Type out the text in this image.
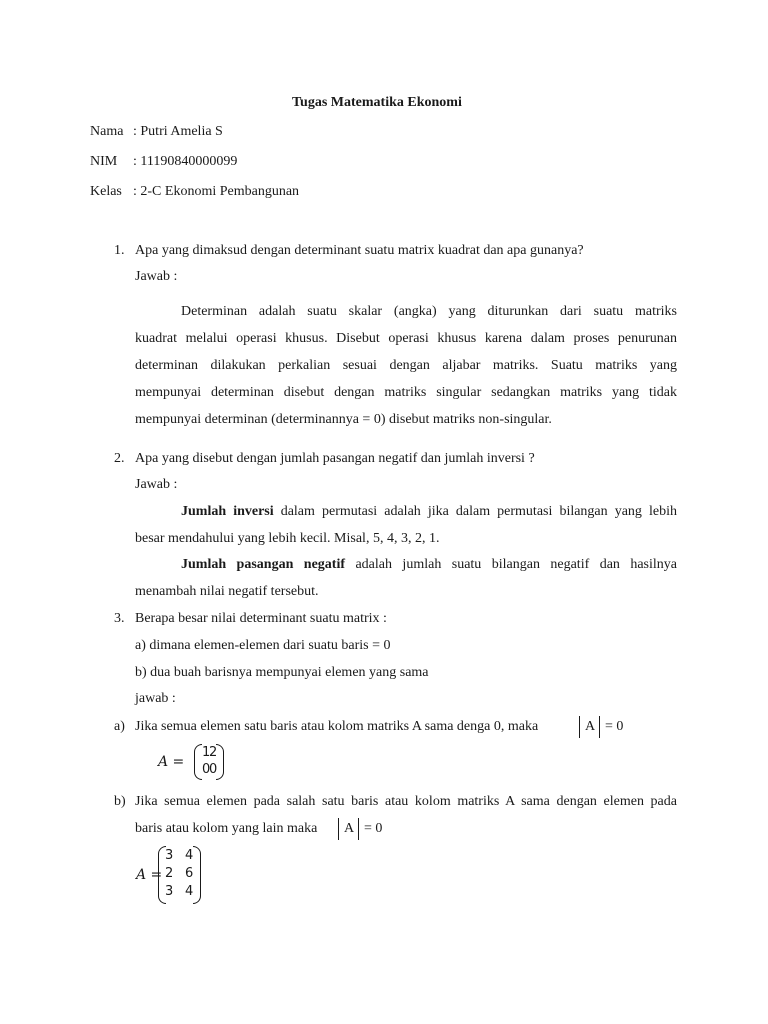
Tugas Matematika Ekonomi
Nama : Putri Amelia S
NIM : 11190840000099
Kelas : 2-C Ekonomi Pembangunan
1. Apa yang dimaksud dengan determinant suatu matrix kuadrat dan apa gunanya?
Jawab :
Determinan adalah suatu skalar (angka) yang diturunkan dari suatu matriks
kuadrat melalui operasi khusus. Disebut operasi khusus karena dalam proses penurunan
determinan dilakukan perkalian sesuai dengan aljabar matriks. Suatu matriks yang
mempunyai determinan disebut dengan matriks singular sedangkan matriks yang tidak
mempunyai determinan (determinannya = 0) disebut matriks non-singular.
2. Apa yang disebut dengan jumlah pasangan negatif dan jumlah inversi ?
Jawab :
Jumlah inversi dalam permutasi adalah jika dalam permutasi bilangan yang lebih
besar mendahului yang lebih kecil. Misal, 5, 4, 3, 2, 1.
Jumlah pasangan negatif adalah jumlah suatu bilangan negatif dan hasilnya
menambah nilai negatif tersebut.
3. Berapa besar nilai determinant suatu matrix :
a) dimana elemen-elemen dari suatu baris = 0
b) dua buah barisnya mempunyai elemen yang sama
jawab :
a) Jika semua elemen satu baris atau kolom matriks A sama denga 0, maka	A = 0
A =
1
2
0
0
b) Jika semua elemen pada salah satu baris atau kolom matriks A sama dengan elemen pada
baris atau kolom yang lain maka A = 0
A =
3 4
2 6
3 4
